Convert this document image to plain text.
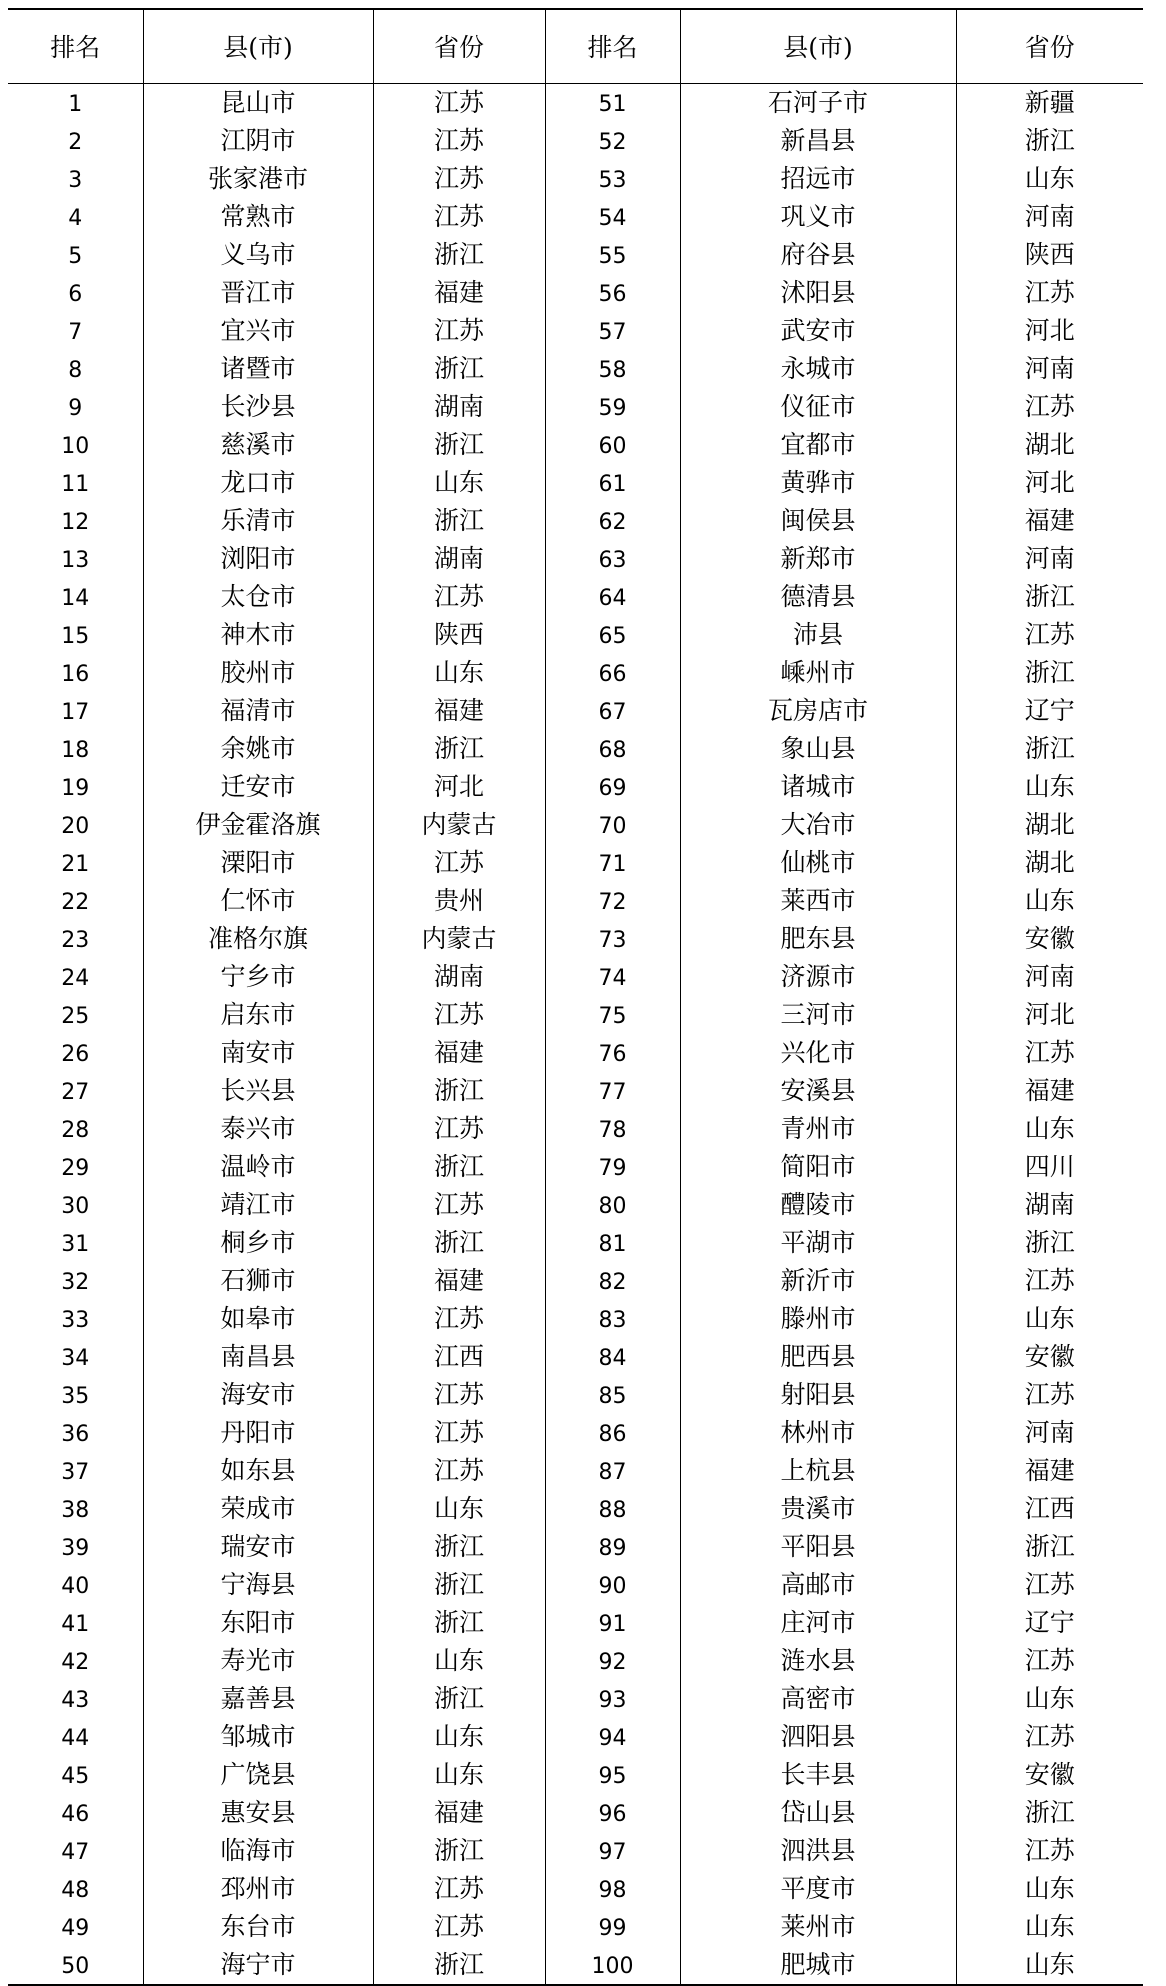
排名	县(市)	省份	排名	县(市)	省份
1	昆山市	江苏	51	石河子市	新疆
2	江阴市	江苏	52	新昌县	浙江
3	张家港市	江苏	53	招远市	山东
4	常熟市	江苏	54	巩义市	河南
5	义乌市	浙江	55	府谷县	陕西
6	晋江市	福建	56	沭阳县	江苏
7	宜兴市	江苏	57	武安市	河北
8	诸暨市	浙江	58	永城市	河南
9	长沙县	湖南	59	仪征市	江苏
10	慈溪市	浙江	60	宜都市	湖北
11	龙口市	山东	61	黄骅市	河北
12	乐清市	浙江	62	闽侯县	福建
13	浏阳市	湖南	63	新郑市	河南
14	太仓市	江苏	64	德清县	浙江
15	神木市	陕西	65	沛县	江苏
16	胶州市	山东	66	嵊州市	浙江
17	福清市	福建	67	瓦房店市	辽宁
18	余姚市	浙江	68	象山县	浙江
19	迁安市	河北	69	诸城市	山东
20	伊金霍洛旗	内蒙古	70	大冶市	湖北
21	溧阳市	江苏	71	仙桃市	湖北
22	仁怀市	贵州	72	莱西市	山东
23	准格尔旗	内蒙古	73	肥东县	安徽
24	宁乡市	湖南	74	济源市	河南
25	启东市	江苏	75	三河市	河北
26	南安市	福建	76	兴化市	江苏
27	长兴县	浙江	77	安溪县	福建
28	泰兴市	江苏	78	青州市	山东
29	温岭市	浙江	79	简阳市	四川
30	靖江市	江苏	80	醴陵市	湖南
31	桐乡市	浙江	81	平湖市	浙江
32	石狮市	福建	82	新沂市	江苏
33	如皋市	江苏	83	滕州市	山东
34	南昌县	江西	84	肥西县	安徽
35	海安市	江苏	85	射阳县	江苏
36	丹阳市	江苏	86	林州市	河南
37	如东县	江苏	87	上杭县	福建
38	荣成市	山东	88	贵溪市	江西
39	瑞安市	浙江	89	平阳县	浙江
40	宁海县	浙江	90	高邮市	江苏
41	东阳市	浙江	91	庄河市	辽宁
42	寿光市	山东	92	涟水县	江苏
43	嘉善县	浙江	93	高密市	山东
44	邹城市	山东	94	泗阳县	江苏
45	广饶县	山东	95	长丰县	安徽
46	惠安县	福建	96	岱山县	浙江
47	临海市	浙江	97	泗洪县	江苏
48	邳州市	江苏	98	平度市	山东
49	东台市	江苏	99	莱州市	山东
50	海宁市	浙江	100	肥城市	山东
